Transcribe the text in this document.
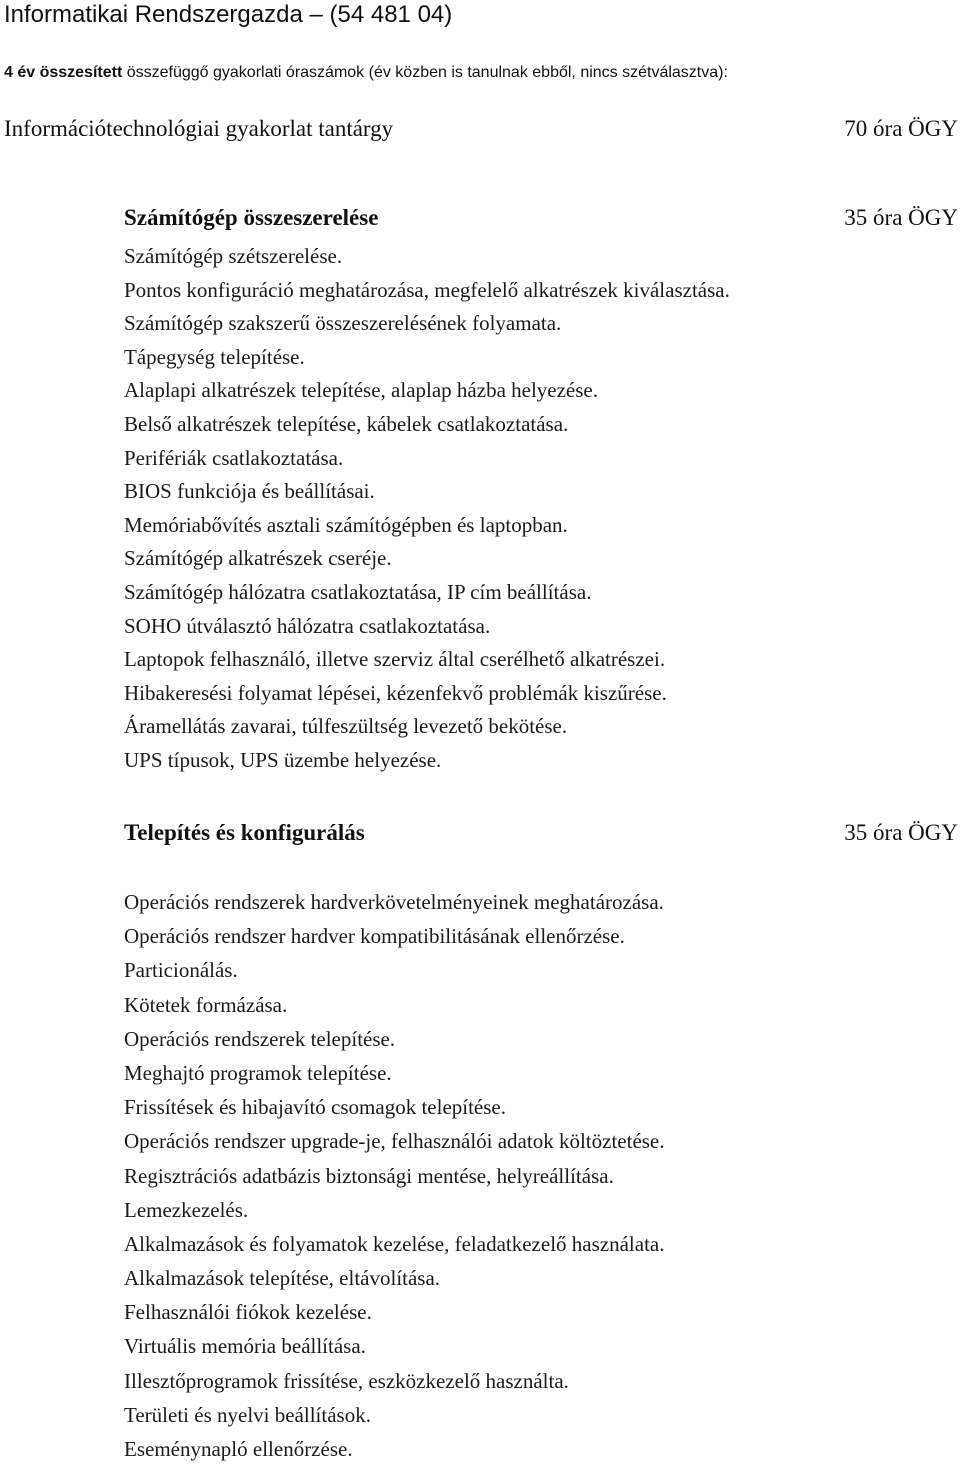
Informatikai Rendszergazda – (54 481 04)
4 év összesített összefüggő gyakorlati óraszámok (év közben is tanulnak ebből, nincs szétválasztva):
Információtechnológiai gyakorlat tantárgy	70 óra ÖGY
Számítógép összeszerelése	35 óra ÖGY
Számítógép szétszerelése.
Pontos konfiguráció meghatározása, megfelelő alkatrészek kiválasztása.
Számítógép szakszerű összeszerelésének folyamata.
Tápegység telepítése.
Alaplapi alkatrészek telepítése, alaplap házba helyezése.
Belső alkatrészek telepítése, kábelek csatlakoztatása.
Perifériák csatlakoztatása.
BIOS funkciója és beállításai.
Memóriabővítés asztali számítógépben és laptopban.
Számítógép alkatrészek cseréje.
Számítógép hálózatra csatlakoztatása, IP cím beállítása.
SOHO útválasztó hálózatra csatlakoztatása.
Laptopok felhasználó, illetve szerviz által cserélhető alkatrészei.
Hibakeresési folyamat lépései, kézenfekvő problémák kiszűrése.
Áramellátás zavarai, túlfeszültség levezető bekötése.
UPS típusok, UPS üzembe helyezése.
Telepítés és konfigurálás	35 óra ÖGY
Operációs rendszerek hardverkövetelményeinek meghatározása.
Operációs rendszer hardver kompatibilitásának ellenőrzése.
Particionálás.
Kötetek formázása.
Operációs rendszerek telepítése.
Meghajtó programok telepítése.
Frissítések és hibajavító csomagok telepítése.
Operációs rendszer upgrade-je, felhasználói adatok költöztetése.
Regisztrációs adatbázis biztonsági mentése, helyreállítása.
Lemezkezelés.
Alkalmazások és folyamatok kezelése, feladatkezelő használata.
Alkalmazások telepítése, eltávolítása.
Felhasználói fiókok kezelése.
Virtuális memória beállítása.
Illesztőprogramok frissítése, eszközkezelő használta.
Területi és nyelvi beállítások.
Eseménynapló ellenőrzése.
